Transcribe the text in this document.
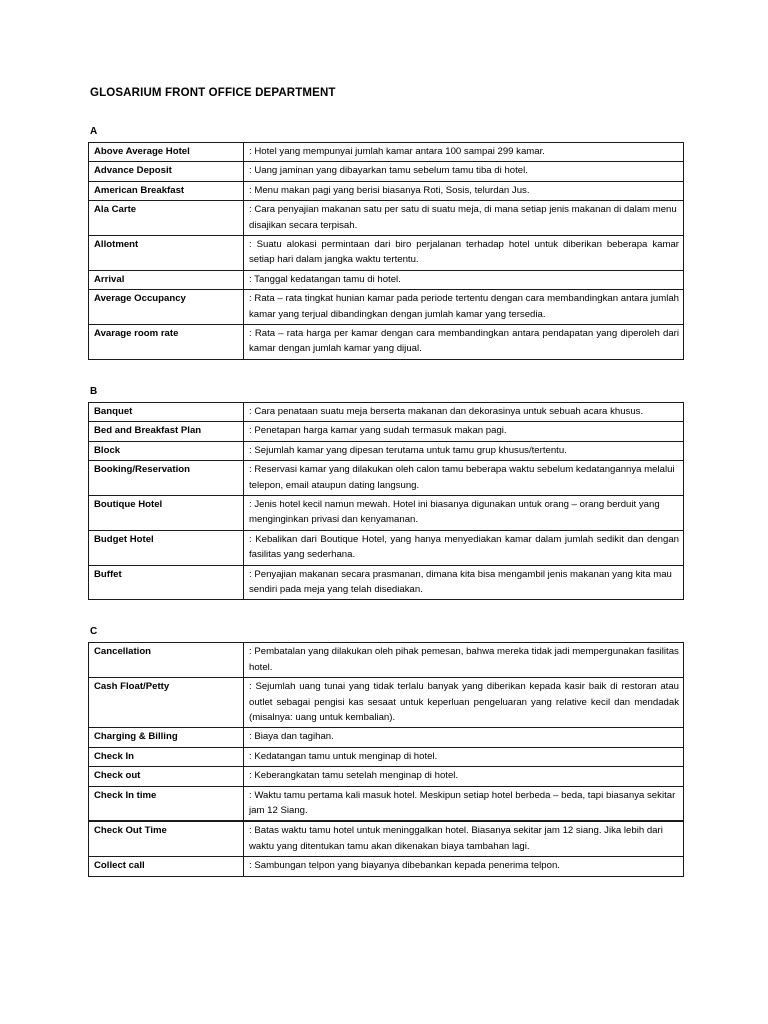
GLOSARIUM FRONT OFFICE DEPARTMENT
A
Above Average Hotel	: Hotel yang mempunyai jumlah kamar antara 100 sampai 299 kamar.
Advance Deposit	: Uang jaminan yang dibayarkan tamu sebelum tamu tiba di hotel.
American Breakfast	: Menu makan pagi yang berisi biasanya Roti, Sosis, telurdan Jus.
Ala Carte	: Cara penyajian makanan satu per satu di suatu meja, di mana setiap jenis makanan di dalam menu disajikan secara terpisah.
Allotment	: Suatu alokasi permintaan dari biro perjalanan terhadap hotel untuk diberikan beberapa kamar setiap hari dalam jangka waktu tertentu.
Arrival	: Tanggal kedatangan tamu di hotel.
Average Occupancy	: Rata – rata tingkat hunian kamar pada periode tertentu dengan cara membandingkan antara jumlah kamar yang terjual dibandingkan dengan jumlah kamar yang tersedia.
Avarage room rate	: Rata – rata harga per kamar dengan cara membandingkan antara pendapatan yang diperoleh dari kamar dengan jumlah kamar yang dijual.
B
Banquet	: Cara penataan suatu meja berserta makanan dan dekorasinya untuk sebuah acara khusus.
Bed and Breakfast Plan	: Penetapan harga kamar yang sudah termasuk makan pagi.
Block	: Sejumlah kamar yang dipesan terutama untuk tamu grup khusus/tertentu.
Booking/Reservation	: Reservasi kamar yang dilakukan oleh calon tamu beberapa waktu sebelum kedatangannya melalui telepon, email ataupun dating langsung.
Boutique Hotel	: Jenis hotel kecil namun mewah. Hotel ini biasanya digunakan untuk orang – orang berduit yang menginginkan privasi dan kenyamanan.
Budget Hotel	: Kebalikan dari Boutique Hotel, yang hanya menyediakan kamar dalam jumlah sedikit dan dengan fasilitas yang sederhana.
Buffet	: Penyajian makanan secara prasmanan, dimana kita bisa mengambil jenis makanan yang kita mau sendiri pada meja yang telah disediakan.
C
Cancellation	: Pembatalan yang dilakukan oleh pihak pemesan, bahwa mereka tidak jadi mempergunakan fasilitas hotel.
Cash Float/Petty	: Sejumlah uang tunai yang tidak terlalu banyak yang diberikan kepada kasir baik di restoran atau outlet sebagai pengisi kas sesaat untuk keperluan pengeluaran yang relative kecil dan mendadak (misalnya: uang untuk kembalian).
Charging & Billing	: Biaya dan tagihan.
Check In	: Kedatangan tamu untuk menginap di hotel.
Check out	: Keberangkatan tamu setelah menginap di hotel.
Check In time	: Waktu tamu pertama kali masuk hotel. Meskipun setiap hotel berbeda – beda, tapi biasanya sekitar jam 12 Siang.
Check Out Time	: Batas waktu tamu hotel untuk meninggalkan hotel. Biasanya sekitar jam 12 siang. Jika lebih dari waktu yang ditentukan tamu akan dikenakan biaya tambahan lagi.
Collect call	: Sambungan telpon yang biayanya dibebankan kepada penerima telpon.
